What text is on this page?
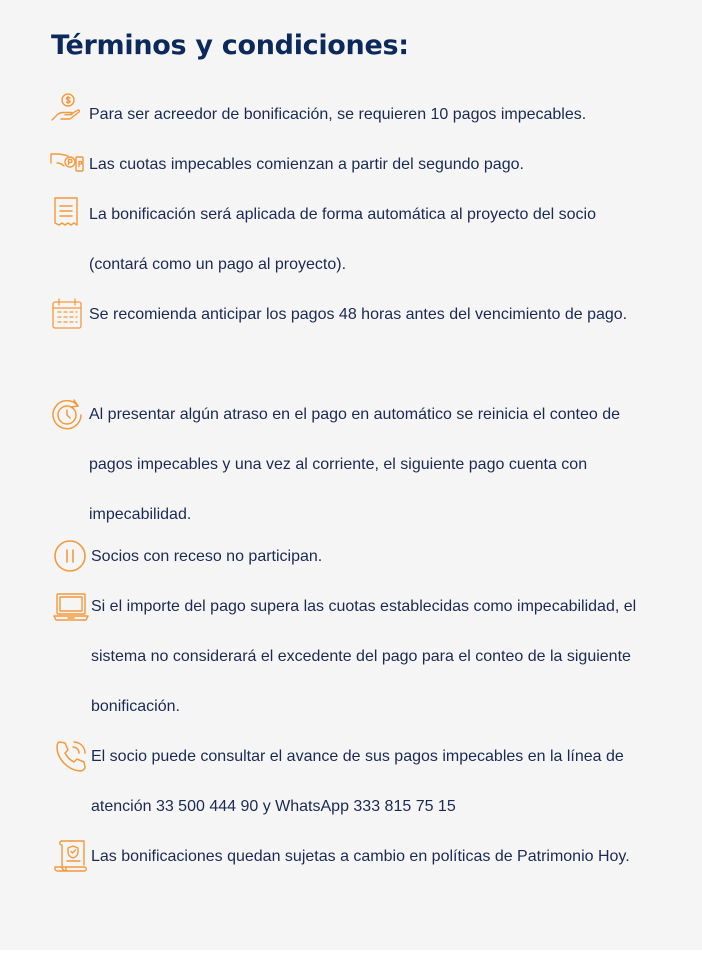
Términos y condiciones:

Para ser acreedor de bonificación, se requieren 10 pagos impecables.

Las cuotas impecables comienzan a partir del segundo pago.

La bonificación será aplicada de forma automática al proyecto del socio (contará como un pago al proyecto).

Se recomienda anticipar los pagos 48 horas antes del vencimiento de pago.

Al presentar algún atraso en el pago en automático se reinicia el conteo de pagos impecables y una vez al corriente, el siguiente pago cuenta con impecabilidad.

Socios con receso no participan.

Si el importe del pago supera las cuotas establecidas como impecabilidad, el sistema no considerará el excedente del pago para el conteo de la siguiente bonificación.

El socio puede consultar el avance de sus pagos impecables en la línea de atención 33 500 444 90 y WhatsApp 333 815 75 15

Las bonificaciones quedan sujetas a cambio en políticas de Patrimonio Hoy.
